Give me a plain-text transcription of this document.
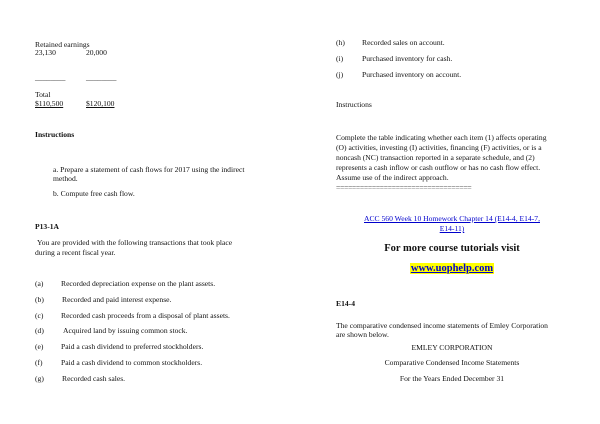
Retained earnings
23,130	20,000
________	________
Total
$110,500	$120,100
Instructions
a. Prepare a statement of cash flows for 2017 using the indirect
method.
b. Compute free cash flow.
P13-1A
You are provided with the following transactions that took place
during a recent fiscal year.
(a) Recorded depreciation expense on the plant assets.
(b) Recorded and paid interest expense.
(c) Recorded cash proceeds from a disposal of plant assets.
(d)	Acquired land by issuing common stock.
(e) Paid a cash dividend to preferred stockholders.
(f) Paid a cash dividend to common stockholders.
(g) Recorded cash sales.
(h) Recorded sales on account.
(i) Purchased inventory for cash.
(j) Purchased inventory on account.
Instructions
Complete the table indicating whether each item (1) affects operating
(O) activities, investing (I) activities, financing (F) activities, or is a
noncash (NC) transaction reported in a separate schedule, and (2)
represents a cash inflow or cash outflow or has no cash flow effect.
Assume use of the indirect approach.
==================================
ACC 560 Week 10 Homework Chapter 14 (E14-4, E14-7,
E14-11)
For more course tutorials visit
www.uophelp.com
E14-4
The comparative condensed income statements of Emley Corporation
are shown below.
EMLEY CORPORATION
Comparative Condensed Income Statements
For the Years Ended December 31
